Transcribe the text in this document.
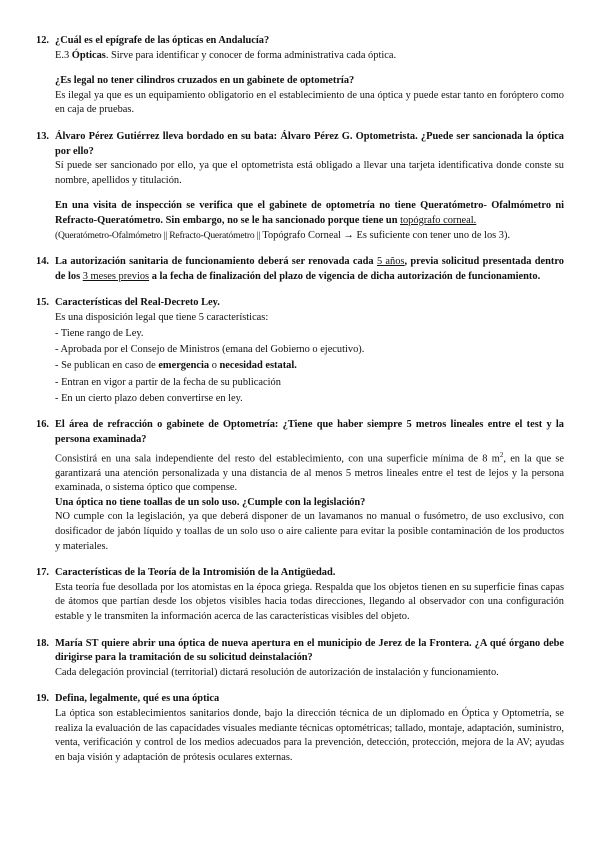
12. ¿Cuál es el epígrafe de las ópticas en Andalucía?

E.3 Ópticas. Sirve para identificar y conocer de forma administrativa cada óptica.

¿Es legal no tener cilindros cruzados en un gabinete de optometría?

Es ilegal ya que es un equipamiento obligatorio en el establecimiento de una óptica y puede estar tanto en foróptero como en caja de pruebas.

13. Álvaro Pérez Gutiérrez lleva bordado en su bata: Álvaro Pérez G. Optometrista. ¿Puede ser sancionada la óptica por ello?

Sí puede ser sancionado por ello, ya que el optometrista está obligado a llevar una tarjeta identificativa donde conste su nombre, apellidos y titulación.

En una visita de inspección se verifica que el gabinete de optometría no tiene Queratómetro- Ofalmómetro ni Refracto-Queratómetro. Sin embargo, no se le ha sancionado porque tiene un topógrafo corneal.

(Queratómetro-Ofalmómetro || Refracto-Queratómetro || Topógrafo Corneal → Es suficiente con tener uno de los 3).

14. La autorización sanitaria de funcionamiento deberá ser renovada cada 5 años, previa solicitud presentada dentro de los 3 meses previos a la fecha de finalización del plazo de vigencia de dicha autorización de funcionamiento.

15. Características del Real-Decreto Ley.

Es una disposición legal que tiene 5 características:

- Tiene rango de Ley.
- Aprobada por el Consejo de Ministros (emana del Gobierno o ejecutivo).
- Se publican en caso de emergencia o necesidad estatal.
- Entran en vigor a partir de la fecha de su publicación
- En un cierto plazo deben convertirse en ley.
16. El área de refracción o gabinete de Optometría: ¿Tiene que haber siempre 5 metros lineales entre el test y la persona examinada?

Consistirá en una sala independiente del resto del establecimiento, con una superficie mínima de 8 $m^2$, en la que se garantizará una atención personalizada y una distancia de al menos 5 metros lineales entre el test de lejos y la persona examinada, o sistema óptico que compense.

Una óptica no tiene toallas de un solo uso. ¿Cumple con la legislación?

NO cumple con la legislación, ya que deberá disponer de un lavamanos no manual o fusómetro, de uso exclusivo, con dosificador de jabón líquido y toallas de un solo uso o aire caliente para evitar la posible contaminación de los productos y materiales.

17. Características de la Teoría de la Intromisión de la Antigüedad.

Esta teoría fue desollada por los atomistas en la época griega. Respalda que los objetos tienen en su superficie finas capas de átomos que partían desde los objetos visibles hacia todas direcciones, llegando al observador con una configuración estable y le transmiten la información acerca de las características visibles del objeto.

18. María ST quiere abrir una óptica de nueva apertura en el municipio de Jerez de la Frontera. ¿A qué órgano debe dirigirse para la tramitación de su solicitud deinstalación?

Cada delegación provincial (territorial) dictará resolución de autorización de instalación y funcionamiento.

19. Defina, legalmente, qué es una óptica

La óptica son establecimientos sanitarios donde, bajo la dirección técnica de un diplomado en Óptica y Optometría, se realiza la evaluación de las capacidades visuales mediante técnicas optométricas; tallado, montaje, adaptación, suministro, venta, verificación y control de los medios adecuados para la prevención, detección, protección, mejora de la AV; ayudas en baja visión y adaptación de prótesis oculares externas.
